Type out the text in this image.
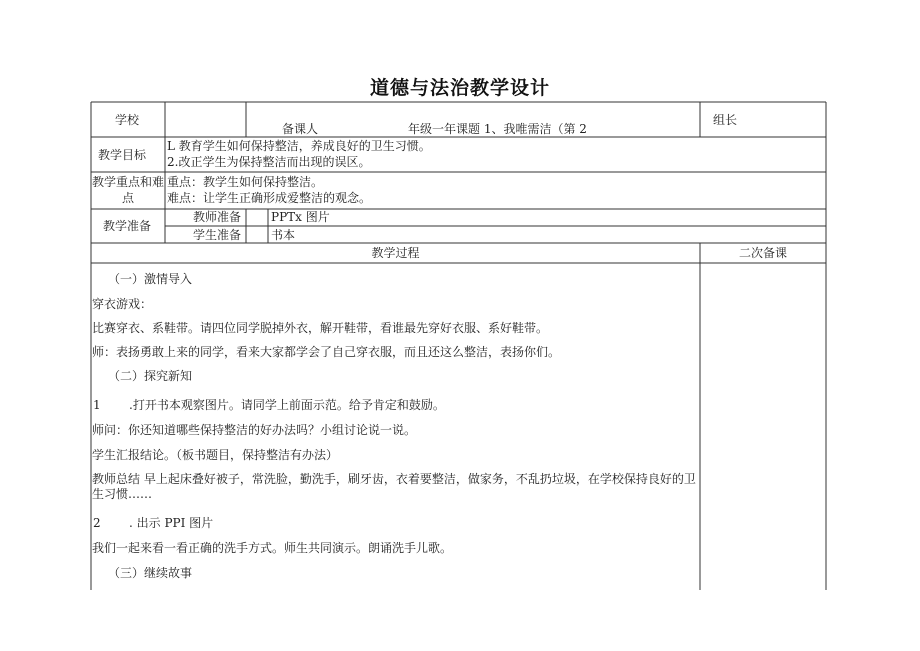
道德与法治教学设计
学校
备课人	年级一年课题 1、我唯需洁（第 2
组长
教学目标
L 教育学生如何保持整洁，养成良好的卫生习惯。
2.改正学生为保持整洁而出现的误区。
教学重点和难
点
重点：教学生如何保持整洁。
难点：让学生正确形成爱整洁的观念。
教学准备
教师准备 PPTx 图片
学生准备 书本
教学过程	二次备课
（一）激情导入
穿衣游戏：
比赛穿衣、系鞋带。请四位同学脱掉外衣，解开鞋带，看谁最先穿好衣服、系好鞋带。
师：表扬勇敢上来的同学，看来大家都学会了自己穿衣服，而且还这么整洁，表扬你们。
（二）探究新知
1 .打开书本观察图片。请同学上前面示范。给予肯定和鼓励。
师问：你还知道哪些保持整洁的好办法吗？小组讨论说一说。
学生汇报结论。（板书题目，保持整洁有办法）
教师总结 早上起床叠好被子，常洗脸，勤洗手，刷牙齿，衣着要整洁，做家务，不乱扔垃圾，在学校保持良好的卫
生习惯……
2 . 出示 PPI 图片
我们一起来看一看正确的洗手方式。师生共同演示。朗诵洗手儿歌。
（三）继续故事
